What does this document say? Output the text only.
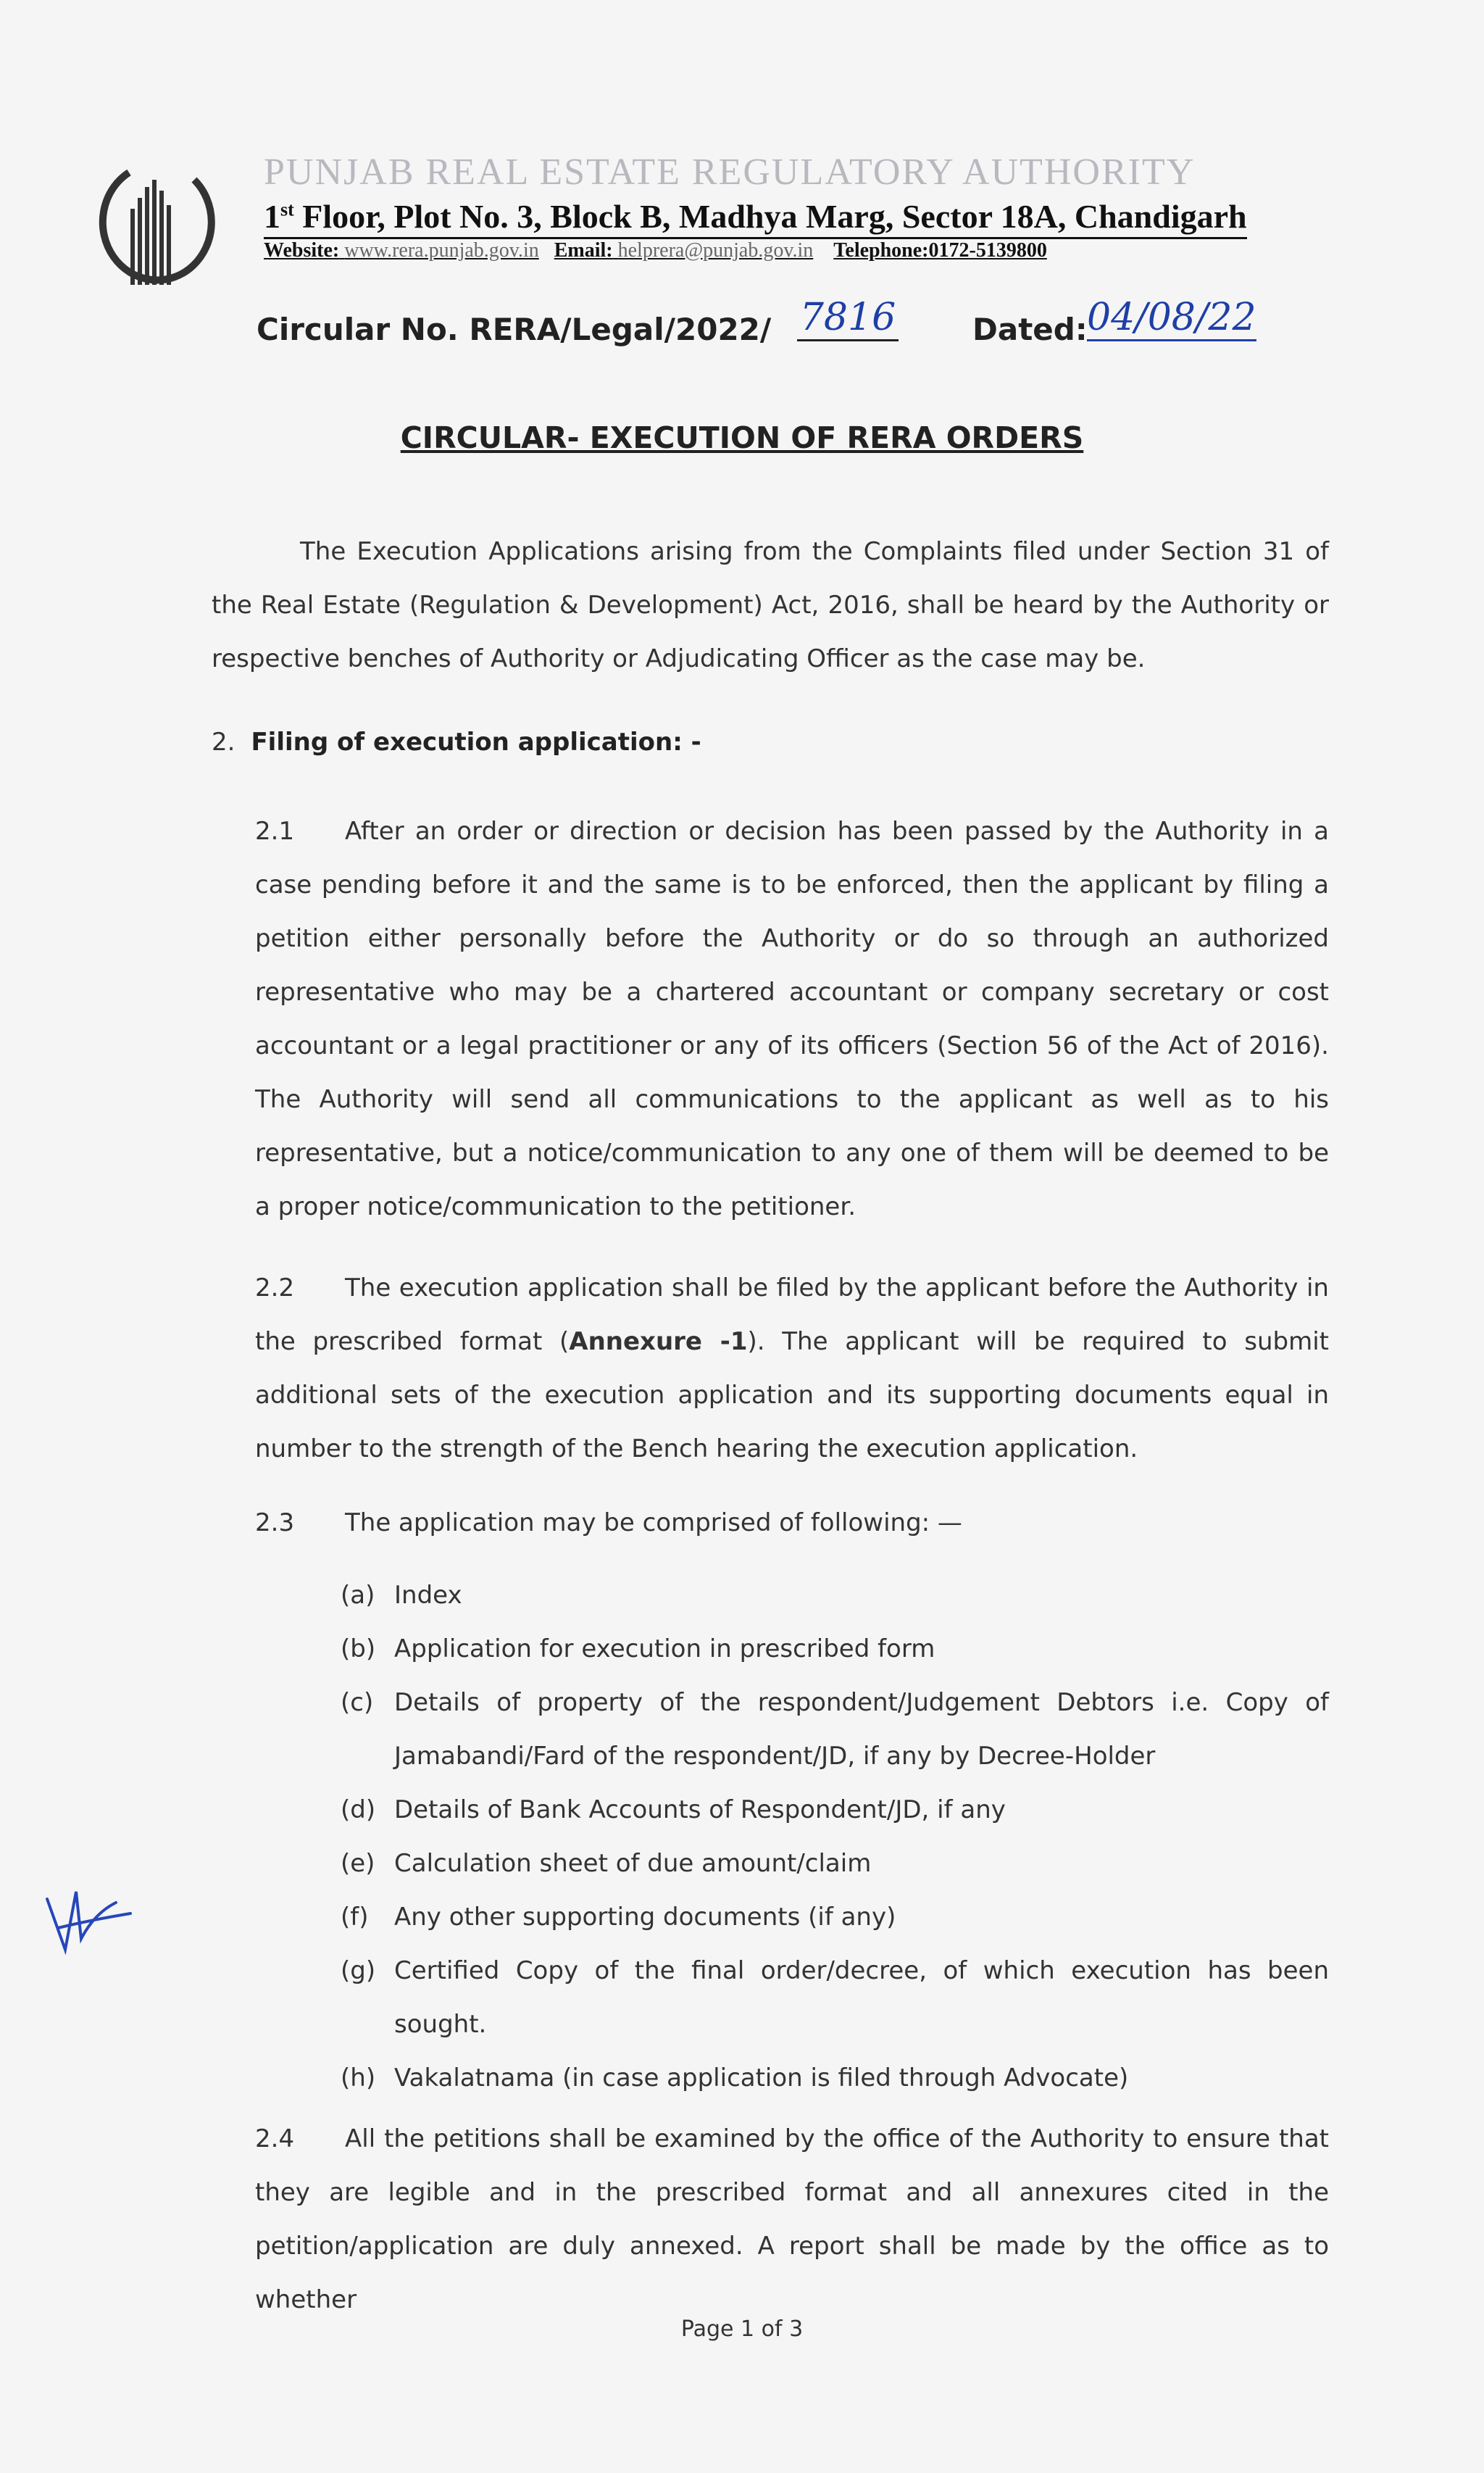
PUNJAB REAL ESTATE REGULATORY AUTHORITY
1st Floor, Plot No. 3, Block B, Madhya Marg, Sector 18A, Chandigarh
Website: www.rera.punjab.gov.in Email: helprera@punjab.gov.in Telephone:0172-5139800
Circular No. RERA/Legal/2022/ 7816	Dated: 04/08/22
CIRCULAR- EXECUTION OF RERA ORDERS
The Execution Applications arising from the Complaints filed under Section 31 of the Real Estate (Regulation & Development) Act, 2016, shall be heard by the Authority or respective benches of Authority or Adjudicating Officer as the case may be.
2. Filing of execution application: -
2.1 After an order or direction or decision has been passed by the Authority in a case pending before it and the same is to be enforced, then the applicant by filing a petition either personally before the Authority or do so through an authorized representative who may be a chartered accountant or company secretary or cost accountant or a legal practitioner or any of its officers (Section 56 of the Act of 2016). The Authority will send all communications to the applicant as well as to his representative, but a notice/communication to any one of them will be deemed to be a proper notice/communication to the petitioner.
2.2 The execution application shall be filed by the applicant before the Authority in the prescribed format (Annexure -1). The applicant will be required to submit additional sets of the execution application and its supporting documents equal in number to the strength of the Bench hearing the execution application.
2.3 The application may be comprised of following: —
(a) Index
(b) Application for execution in prescribed form
(c) Details of property of the respondent/Judgement Debtors i.e. Copy of Jamabandi/Fard of the respondent/JD, if any by Decree-Holder
(d) Details of Bank Accounts of Respondent/JD, if any
(e) Calculation sheet of due amount/claim
(f) Any other supporting documents (if any)
(g) Certified Copy of the final order/decree, of which execution has been sought.
(h) Vakalatnama (in case application is filed through Advocate)
2.4 All the petitions shall be examined by the office of the Authority to ensure that they are legible and in the prescribed format and all annexures cited in the petition/application are duly annexed. A report shall be made by the office as to whether
Page 1 of 3
